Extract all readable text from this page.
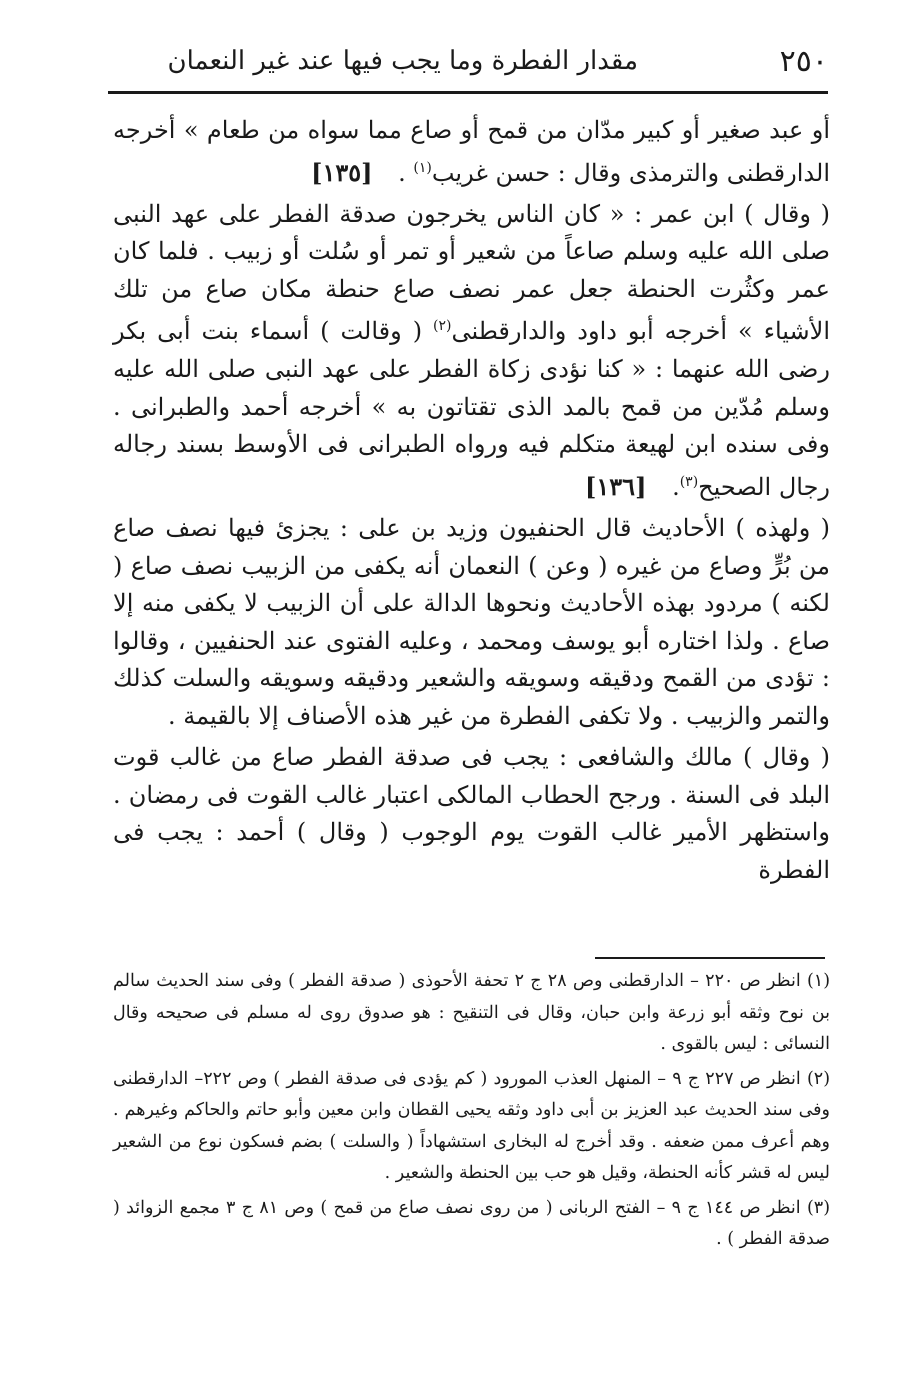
٢٥٠
مقدار الفطرة وما يجب فيها عند غير النعمان

أو عبد صغير أو كبير مدّان من قمح أو صاع مما سواه من طعام » أخرجه الدارقطنى والترمذى وقال : حسن غريب$^{(١)}$ . [١٣٥]

( وقال ) ابن عمر : « كان الناس يخرجون صدقة الفطر على عهد النبى صلى الله عليه وسلم صاعاً من شعير أو تمر أو سُلت أو زبيب . فلما كان عمر وكثُرت الحنطة جعل عمر نصف صاع حنطة مكان صاع من تلك الأشياء » أخرجه أبو داود والدارقطنى$^{(٢)}$ ( وقالت ) أسماء بنت أبى بكر رضى الله عنهما : « كنا نؤدى زكاة الفطر على عهد النبى صلى الله عليه وسلم مُدّين من قمح بالمد الذى تقتاتون به » أخرجه أحمد والطبرانى . وفى سنده ابن لهيعة متكلم فيه ورواه الطبرانى فى الأوسط بسند رجاله رجال الصحيح$^{(٣)}$. [١٣٦]

( ولهذه ) الأحاديث قال الحنفيون وزيد بن على : يجزئ فيها نصف صاع من بُرٍّ وصاع من غيره ( وعن ) النعمان أنه يكفى من الزبيب نصف صاع ( لكنه ) مردود بهذه الأحاديث ونحوها الدالة على أن الزبيب لا يكفى منه إلا صاع . ولذا اختاره أبو يوسف ومحمد ، وعليه الفتوى عند الحنفيين ، وقالوا : تؤدى من القمح ودقيقه وسويقه والشعير ودقيقه وسويقه والسلت كذلك والتمر والزبيب . ولا تكفى الفطرة من غير هذه الأصناف إلا بالقيمة .

( وقال ) مالك والشافعى : يجب فى صدقة الفطر صاع من غالب قوت البلد فى السنة . ورجح الحطاب المالكى اعتبار غالب القوت فى رمضان . واستظهر الأمير غالب القوت يوم الوجوب ( وقال ) أحمد : يجب فى الفطرة

(١) انظر ص ٢٢٠ – الدارقطنى وص ٢٨ ج ٢ تحفة الأحوذى ( صدقة الفطر ) وفى سند الحديث سالم بن نوح وثقه أبو زرعة وابن حبان، وقال فى التنقيح : هو صدوق روى له مسلم فى صحيحه وقال النسائى : ليس بالقوى .

(٢) انظر ص ٢٢٧ ج ٩ – المنهل العذب المورود ( كم يؤدى فى صدقة الفطر ) وص ٢٢٢– الدارقطنى وفى سند الحديث عبد العزيز بن أبى داود وثقه يحيى القطان وابن معين وأبو حاتم والحاكم وغيرهم . وهم أعرف ممن ضعفه . وقد أخرج له البخارى استشهاداً ( والسلت ) بضم فسكون نوع من الشعير ليس له قشر كأنه الحنطة، وقيل هو حب بين الحنطة والشعير .

(٣) انظر ص ١٤٤ ج ٩ – الفتح الربانى ( من روى نصف صاع من قمح ) وص ٨١ ج ٣ مجمع الزوائد ( صدقة الفطر ) .
